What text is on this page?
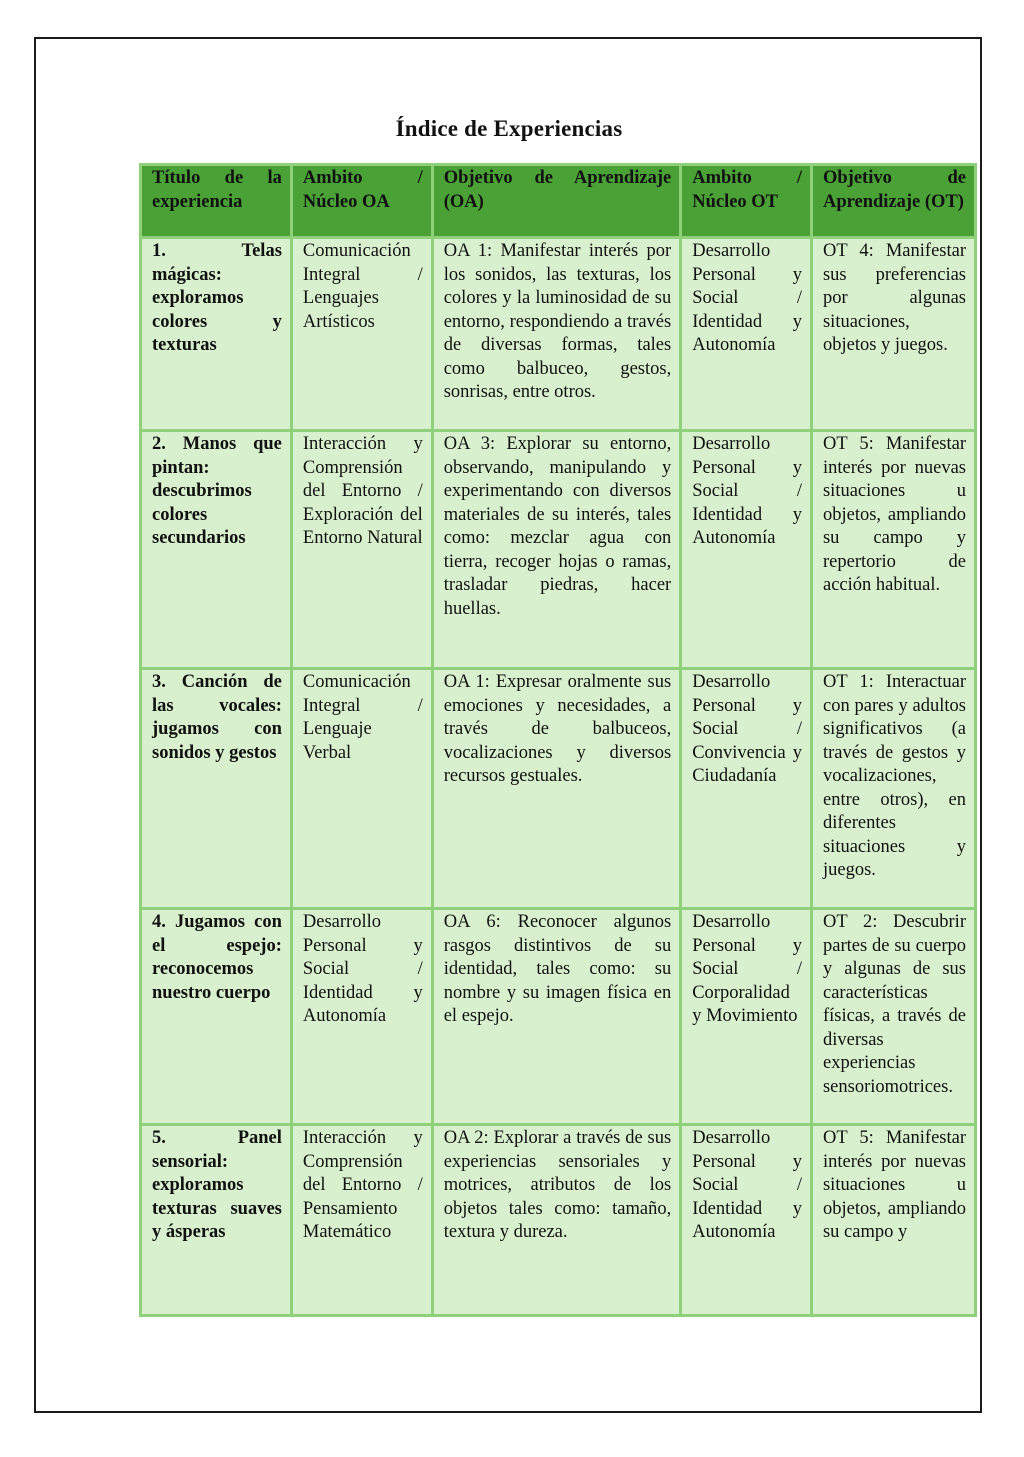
Índice de Experiencias
Título de la experiencia	Ambito / Núcleo OA	Objetivo de Aprendizaje (OA)	Ambito / Núcleo OT	Objetivo de Aprendizaje (OT)
1. Telas mágicas: exploramos colores y texturas	Comunicación Integral / Lenguajes Artísticos	OA 1: Manifestar interés por los sonidos, las texturas, los colores y la luminosidad de su entorno, respondiendo a través de diversas formas, tales como balbuceo, gestos, sonrisas, entre otros.	Desarrollo Personal y Social / Identidad y Autonomía	OT 4: Manifestar sus preferencias por algunas situaciones, objetos y juegos.
2. Manos que pintan: descubrimos colores secundarios	Interacción y Comprensión del Entorno / Exploración del Entorno Natural	OA 3: Explorar su entorno, observando, manipulando y experimentando con diversos materiales de su interés, tales como: mezclar agua con tierra, recoger hojas o ramas, trasladar piedras, hacer huellas.	Desarrollo Personal y Social / Identidad y Autonomía	OT 5: Manifestar interés por nuevas situaciones u objetos, ampliando su campo y repertorio de acción habitual.
3. Canción de las vocales: jugamos con sonidos y gestos	Comunicación Integral / Lenguaje Verbal	OA 1: Expresar oralmente sus emociones y necesidades, a través de balbuceos, vocalizaciones y diversos recursos gestuales.	Desarrollo Personal y Social / Convivencia y Ciudadanía	OT 1: Interactuar con pares y adultos significativos (a través de gestos y vocalizaciones, entre otros), en diferentes situaciones y juegos.
4. Jugamos con el espejo: reconocemos nuestro cuerpo	Desarrollo Personal y Social / Identidad y Autonomía	OA 6: Reconocer algunos rasgos distintivos de su identidad, tales como: su nombre y su imagen física en el espejo.	Desarrollo Personal y Social / Corporalidad y Movimiento	OT 2: Descubrir partes de su cuerpo y algunas de sus características físicas, a través de diversas experiencias sensoriomotrices.
5. Panel sensorial: exploramos texturas suaves y ásperas	Interacción y Comprensión del Entorno / Pensamiento Matemático	OA 2: Explorar a través de sus experiencias sensoriales y motrices, atributos de los objetos tales como: tamaño, textura y dureza.	Desarrollo Personal y Social / Identidad y Autonomía	OT 5: Manifestar interés por nuevas situaciones u objetos, ampliando su campo y
